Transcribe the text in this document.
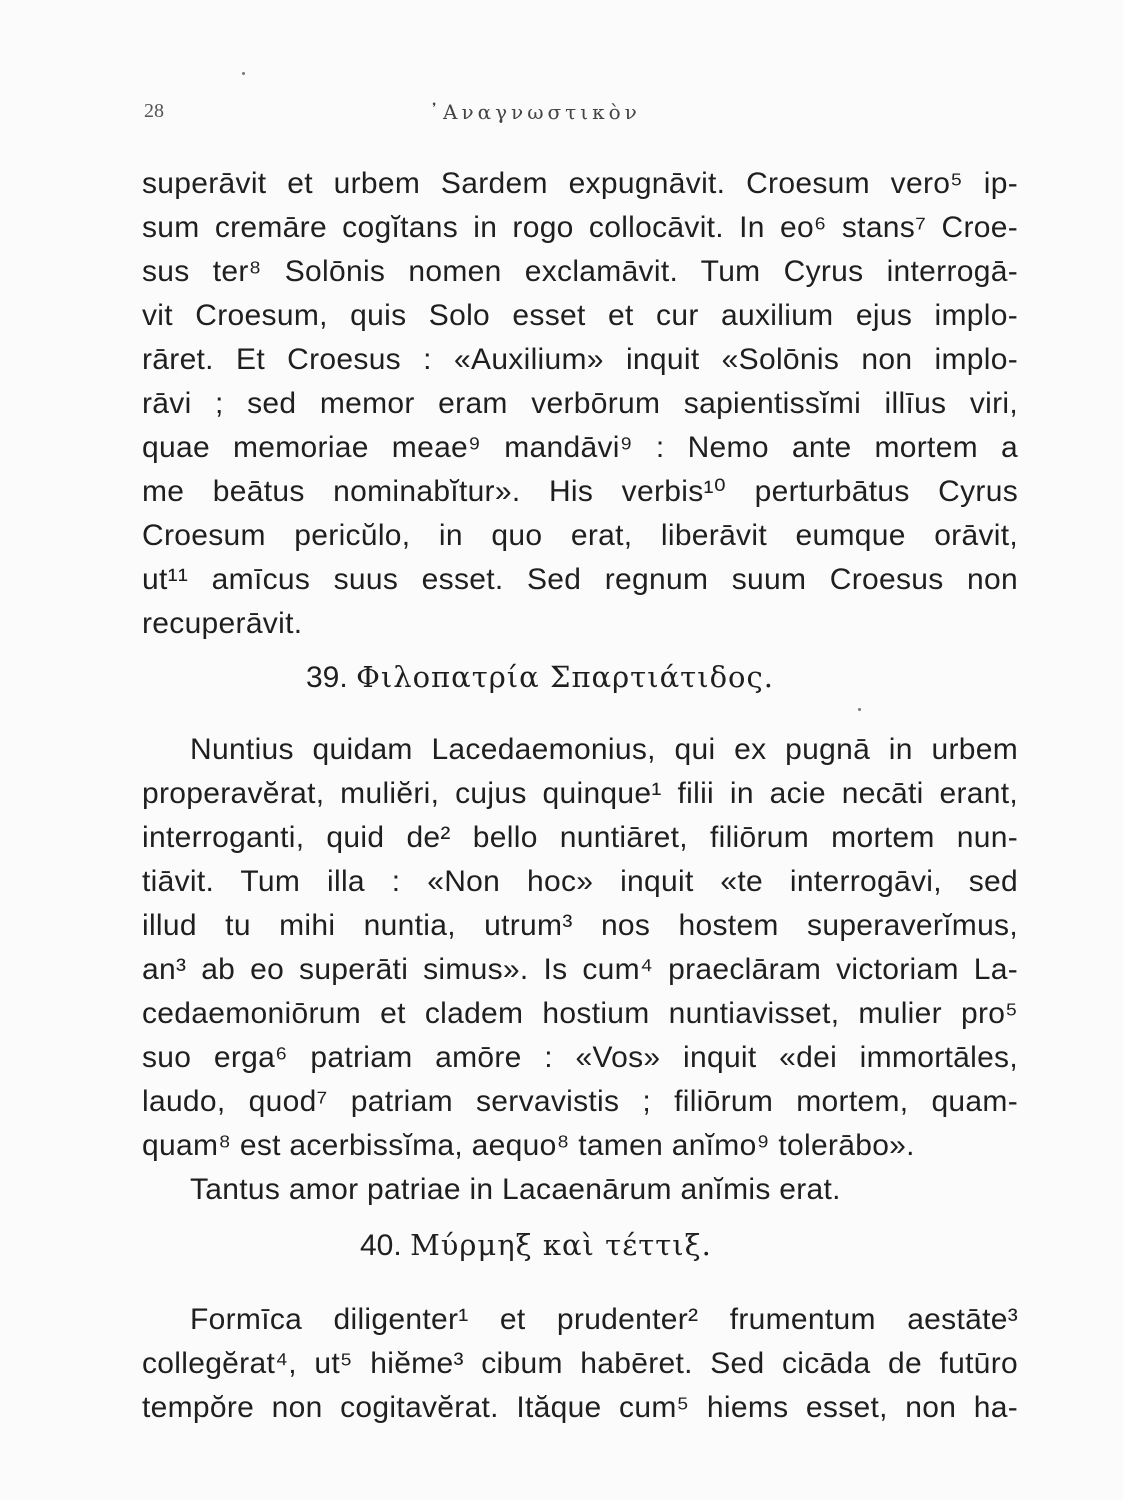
28	᾿Αναγνωστικὸν
superāvit et urbem Sardem expugnāvit. Croesum vero⁵ ip-
sum cremāre cogĭtans in rogo collocāvit. In eo⁶ stans⁷ Croe-
sus ter⁸ Solōnis nomen exclamāvit. Tum Cyrus interrogā-
vit Croesum, quis Solo esset et cur auxilium ejus implo-
rāret. Et Croesus : «Auxilium» inquit «Solōnis non implo-
rāvi ; sed memor eram verbōrum sapientissĭmi illīus viri,
quae memoriae meae⁹ mandāvi⁹ : Nemo ante mortem a
me beātus nominabĭtur». His verbis¹⁰ perturbātus Cyrus
Croesum pericŭlo, in quo erat, liberāvit eumque orāvit,
ut¹¹ amīcus suus esset. Sed regnum suum Croesus non
recuperāvit.
39. Φιλοπατρία Σπαρτιάτιδος.
Nuntius quidam Lacedaemonius, qui ex pugnā in urbem
properavĕrat, muliĕri, cujus quinque¹ filii in acie necāti erant,
interroganti, quid de² bello nuntiāret, filiōrum mortem nun-
tiāvit. Tum illa : «Non hoc» inquit «te interrogāvi, sed
illud tu mihi nuntia, utrum³ nos hostem superaverĭmus,
an³ ab eo superāti simus». Is cum⁴ praeclāram victoriam La-
cedaemoniōrum et cladem hostium nuntiavisset, mulier pro⁵
suo erga⁶ patriam amōre : «Vos» inquit «dei immortāles,
laudo, quod⁷ patriam servavistis ; filiōrum mortem, quam-
quam⁸ est acerbissĭma, aequo⁸ tamen anĭmo⁹ tolerābo».
Tantus amor patriae in Lacaenārum anĭmis erat.
40. Μύρμηξ καὶ τέττιξ.
Formīca diligenter¹ et prudenter² frumentum aestāte³
collegĕrat⁴, ut⁵ hiĕme³ cibum habēret. Sed cicāda de futūro
tempŏre non cogitavĕrat. Ităque cum⁵ hiems esset, non ha-
